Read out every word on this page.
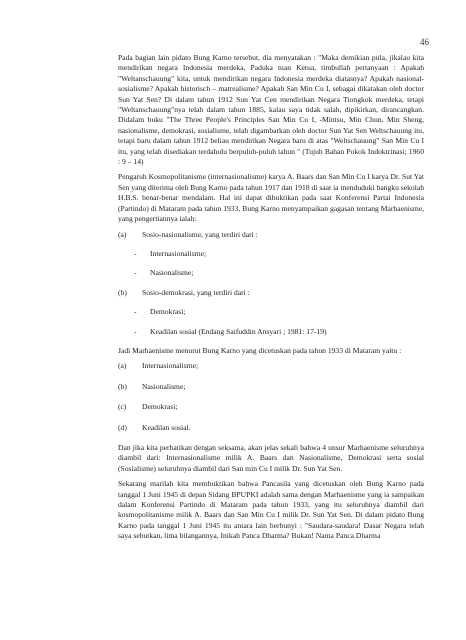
46

Pada bagian lain pidato Bung Karno tersebut, dia menyatakan : "Maka demikian pula, jikalau kita mendirikan negara Indonesia merdeka, Paduka tuan Ketua, timbullah pertanyaan : Apakah "Weltanschauung" kita, untuk mendirikan negara Indonesia merdeka diatasnya? Apakah nasional-sosialisme? Apakah historisch – matrealisme? Apakah San Min Cu I, sebagai dikatakan oleh doctor Sun Yat Sen? Di dalam tahun 1912 Sun Yat Cen mendirikan Negara Tiongkok merdeka, tetapi "Weltanschauung"nya telah dalam tahun 1885, kalau saya tidak salah, dipikirkan, dirancangkan. Didalam buku "The Three People's Principles San Min Cu I, -Mintsu, Min Chun, Min Sheng, nasionalisme, demokrasi, sosialisme, telah digambarkan oleh doctor Sun Yat Sen Weltschauung itu, tetapi baru dalam tahun 1912 beliau mendirikan Negara baru di atas "Weltschauung" San Min Cu I itu, yang telah disediakan terdahulu berpuluh-puluh tahun " (Tujuh Bahan Pokok Indoktrinasi; 1960 : 9 – 14)

Pengaruh Kosmopolitanisme (internasionalisme) karya A. Baars dan San Min Cu I karya Dr. Sut Yat Sen yang diterima oleh Bung Karno pada tahun 1917 dan 1918 di saat ia menduduki bangku sekolah H.B.S. benar-benar mendalam. Hal ini dapat dibuktikan pada saat Konferensi Partai Indonesia (Partindo) di Mataram pada tahun 1933, Bung Karno menyampaikan gagasan tentang Marhaenisme, yang pengertiannya ialah:

(a)	Sosio-nasionalisme, yang terdiri dari :
-	Internasionalisme;
-	Nasionalisme;
(b)	Sosio-demokrasi, yang terdiri dari :
-	Demokrasi;
-	Keadilan sosial (Endang Saifuddin Ansyari ; 1981: 17-19)

Jadi Marhaenisme menurut Bung Karno yang dicetuskan pada tahun 1933 di Mataram yaitu :

(a)	Internasionalisme;
(b)	Nasionalisme;
(c)	Demokrasi;
(d)	Keadilan sosial.

Dan jika kita perhatikan dengan seksama, akan jelas sekali bahwa 4 unsur Marhaenisme seluruhnya diambil dari: Internasionalisme milik A. Baars dan Nasionalisme, Demokrasi serta sosial (Sosialisme) seluruhnya diambil dari San min Cu I milik Dr. Sun Yat Sen.

Sekarang marilah kita membuktikan bahwa Pancasila yang dicetuskan oleh Bung Karno pada tanggal 1 Juni 1945 di depan Sidang BPUPKI adalah sama dengan Marhaenisme yang ia sampaikan dalam Konferensi Partindo di Mataram pada tahun 1933, yang itu seluruhnya diambil dari kosmopolitanisme milik A. Baars dan San Min Cu I milik Dr. Sun Yat Sen. Di dalam pidato Bung Karno pada tanggal 1 Juni 1945 itu antara lain berbunyi : "Saudara-saudara! Dasar Negara telah saya sebutkan, lima bilangannya, Inikah Panca Dharma? Bukan! Nama Panca Dharma
